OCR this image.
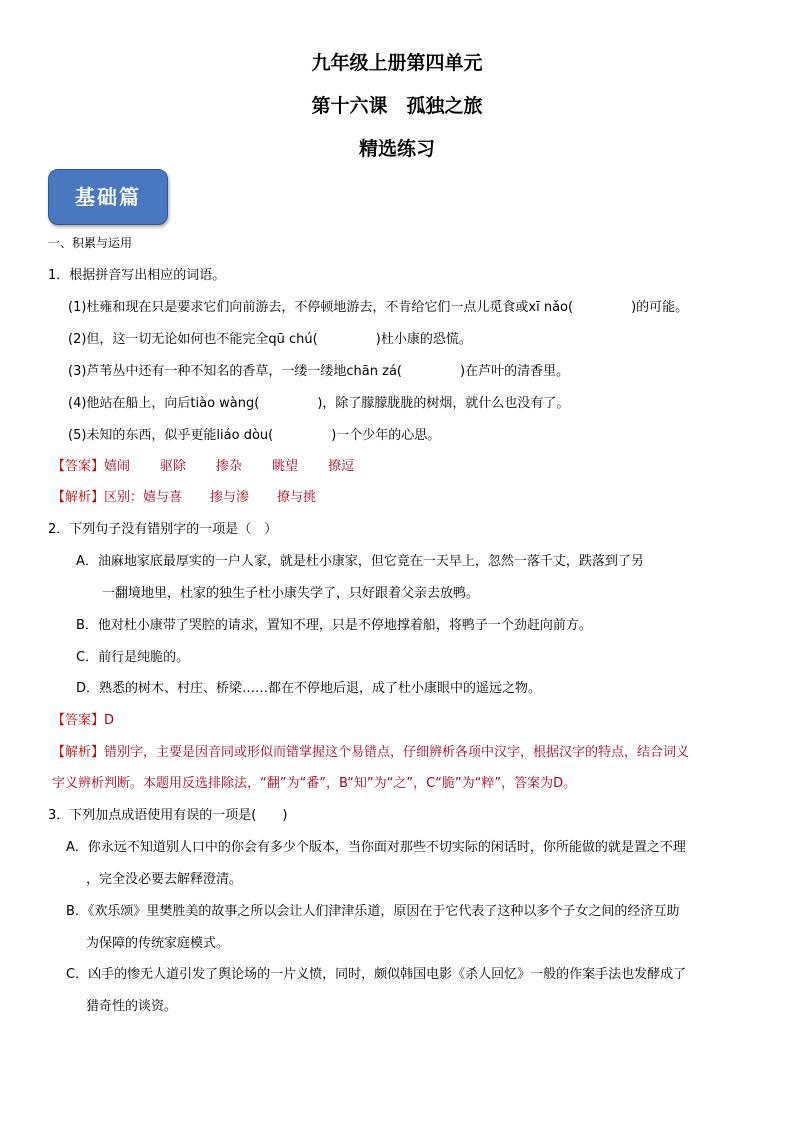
九年级上册第四单元
第十六课　孤独之旅
精选练习
基础篇
一、积累与运用
1．根据拼音写出相应的词语。
(1)杜雍和现在只是要求它们向前游去，不停顿地游去，不肯给它们一点儿觅食或xī nǎo(	)的可能。
(2)但，这一切无论如何也不能完全qū chú(	)杜小康的恐慌。
(3)芦苇丛中还有一种不知名的香草，一缕一缕地chān zá(	)在芦叶的清香里。
(4)他站在船上，向后tiào wàng(	)，除了朦朦胧胧的树烟，就什么也没有了。
(5)未知的东西，似乎更能liáo dòu(	)一个少年的心思。
【答案】嬉闹 驱除 掺杂 眺望 撩逗
【解析】区别：嬉与喜 掺与渗 撩与挑
2．下列句子没有错别字的一项是（　）
A．油麻地家底最厚实的一户人家，就是杜小康家，但它竟在一天早上，忽然一落千丈，跌落到了另
一翻境地里，杜家的独生子杜小康失学了，只好跟着父亲去放鸭。
B．他对杜小康带了哭腔的请求，置知不理，只是不停地撑着船，将鸭子一个劲赶向前方。
C．前行是纯脆的。
D．熟悉的树木、村庄、桥梁……都在不停地后退，成了杜小康眼中的遥远之物。
【答案】D
【解析】错别字，主要是因音同或形似而错掌握这个易错点，仔细辨析各项中汉字，根据汉字的特点，结合词义
字义辨析判断。本题用反选排除法，“翻”为“番”，B“知”为“之”，C“脆”为“粹”，答案为D。
3．下列加点成语使用有误的一项是(　　)
A．你永远不知道别人口中的你会有多少个版本，当你面对那些不切实际的闲话时，你所能做的就是置之不理
，完全没必要去解释澄清。
B．《欢乐颂》里樊胜美的故事之所以会让人们津津乐道，原因在于它代表了这种以多个子女之间的经济互助
为保障的传统家庭模式。
C．凶手的惨无人道引发了舆论场的一片义愤，同时，颇似韩国电影《杀人回忆》一般的作案手法也发酵成了
猎奇性的谈资。
